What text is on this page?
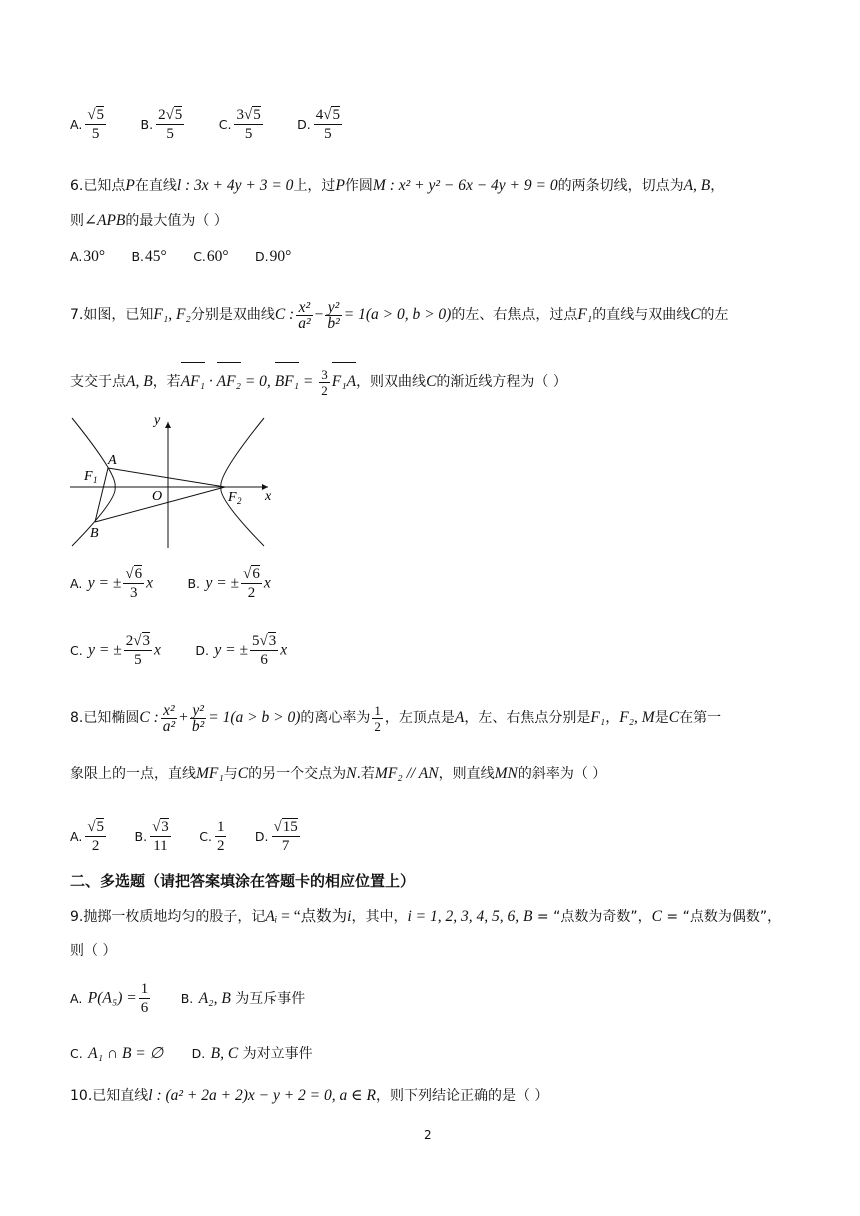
A. $\frac{√5}{5}$	B. $\frac{2√5}{5}$	C. $\frac{3√5}{5}$	D. $\frac{4√5}{5}$
6.已知点P在直线l : 3x + 4y + 3 = 0上，过P作圆M : x² + y² − 6x − 4y + 9 = 0的两条切线，切点为A, B，
则∠APB的最大值为（ ）
A.30° B.45° C.60° D.90°
7.如图，已知F₁, F₂分别是双曲线C : $\frac{\text{x²}}{\text{a²}} - \frac{\text{y²}}{\text{b²}} = 1(a > 0$, b > 0)的左、右焦点，过点F₁的直线与双曲线C的左
支交于点A, B，若AF₁ · AF₂ = 0, $BF_1 = \frac{3}{2} F_1A$，则双曲线C的渐近线方程为（ ）
y
x
A
B
F 1
O	F 2
A. y = ± $\frac{√6}{3}$ x	B. y = ± $\frac{√6}{2}$ x
C. y = ± $\frac{2√3}{5}$ x	D. y = ± $\frac{5√3}{6}$ x
8.已知椭圆C : $\frac{\text{x²}}{\text{a²}} + \frac{\text{y²}}{\text{b²}} = 1(a > b > 0)$的离心率为 $\frac{1}{2}$ ，左顶点是A，左、右焦点分别是F₁，F₂, M是C在第一
象限上的一点，直线MF₁与C的另一个交点为N.若MF₂ // AN，则直线MN的斜率为（ ）
A. $\frac{√5}{2} B$. $\frac{√3}{11} C$. $\frac{1}{2} D$. $\frac{√15}{7}$
二、多选题（请把答案填涂在答题卡的相应位置上）
9.抛掷一枚质地均匀的股子，记Aᵢ = “点数为i，其中，i = 1, 2, 3, 4, 5, 6, B = “点数为奇数”，C = “点数为偶数”，
则（ ）
A. $P(A_5) = \frac{1}{6} B$. A₂, B 为互斥事件
C. A₁ ∩ B = ∅ D. B, C 为对立事件
10.已知直线l : (a² + 2a + 2)x − y + 2 = 0, a ∈ R，则下列结论正确的是（ ）
2
